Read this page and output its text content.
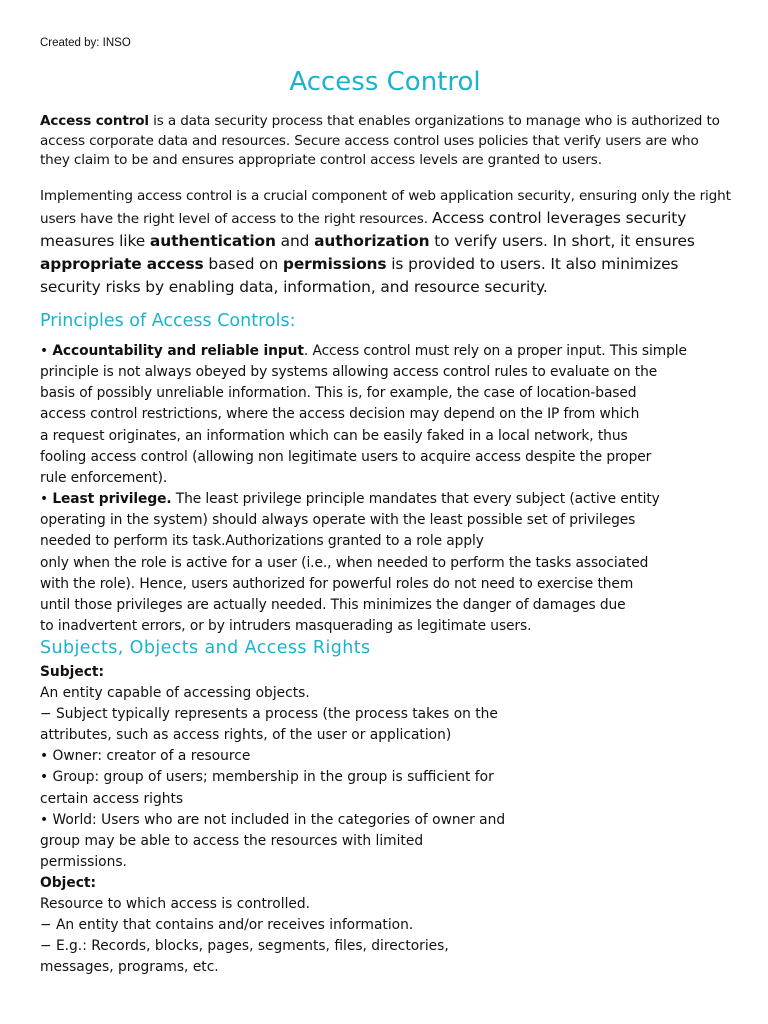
Created by: INSO
Access Control

Access control is a data security process that enables organizations to manage who is authorized to access corporate data and resources. Secure access control uses policies that verify users are who they claim to be and ensures appropriate control access levels are granted to users.

Implementing access control is a crucial component of web application security, ensuring only the right users have the right level of access to the right resources. Access control leverages security measures like authentication and authorization to verify users. In short, it ensures appropriate access based on permissions is provided to users. It also minimizes security risks by enabling data, information, and resource security.

Principles of Access Controls:
• Accountability and reliable input. Access control must rely on a proper input. This simple
principle is not always obeyed by systems allowing access control rules to evaluate on the
basis of possibly unreliable information. This is, for example, the case of location-based
access control restrictions, where the access decision may depend on the IP from which
a request originates, an information which can be easily faked in a local network, thus
fooling access control (allowing non legitimate users to acquire access despite the proper
rule enforcement).
• Least privilege. The least privilege principle mandates that every subject (active entity
operating in the system) should always operate with the least possible set of privileges
needed to perform its task.Authorizations granted to a role apply
only when the role is active for a user (i.e., when needed to perform the tasks associated
with the role). Hence, users authorized for powerful roles do not need to exercise them
until those privileges are actually needed. This minimizes the danger of damages due
to inadvertent errors, or by intruders masquerading as legitimate users.
Subjects, Objects and Access Rights
Subject:
An entity capable of accessing objects.
− Subject typically represents a process (the process takes on the
attributes, such as access rights, of the user or application)
• Owner: creator of a resource
• Group: group of users; membership in the group is sufficient for
certain access rights
• World: Users who are not included in the categories of owner and
group may be able to access the resources with limited
permissions.
Object:
Resource to which access is controlled.
− An entity that contains and/or receives information.
− E.g.: Records, blocks, pages, segments, files, directories,
messages, programs, etc.
